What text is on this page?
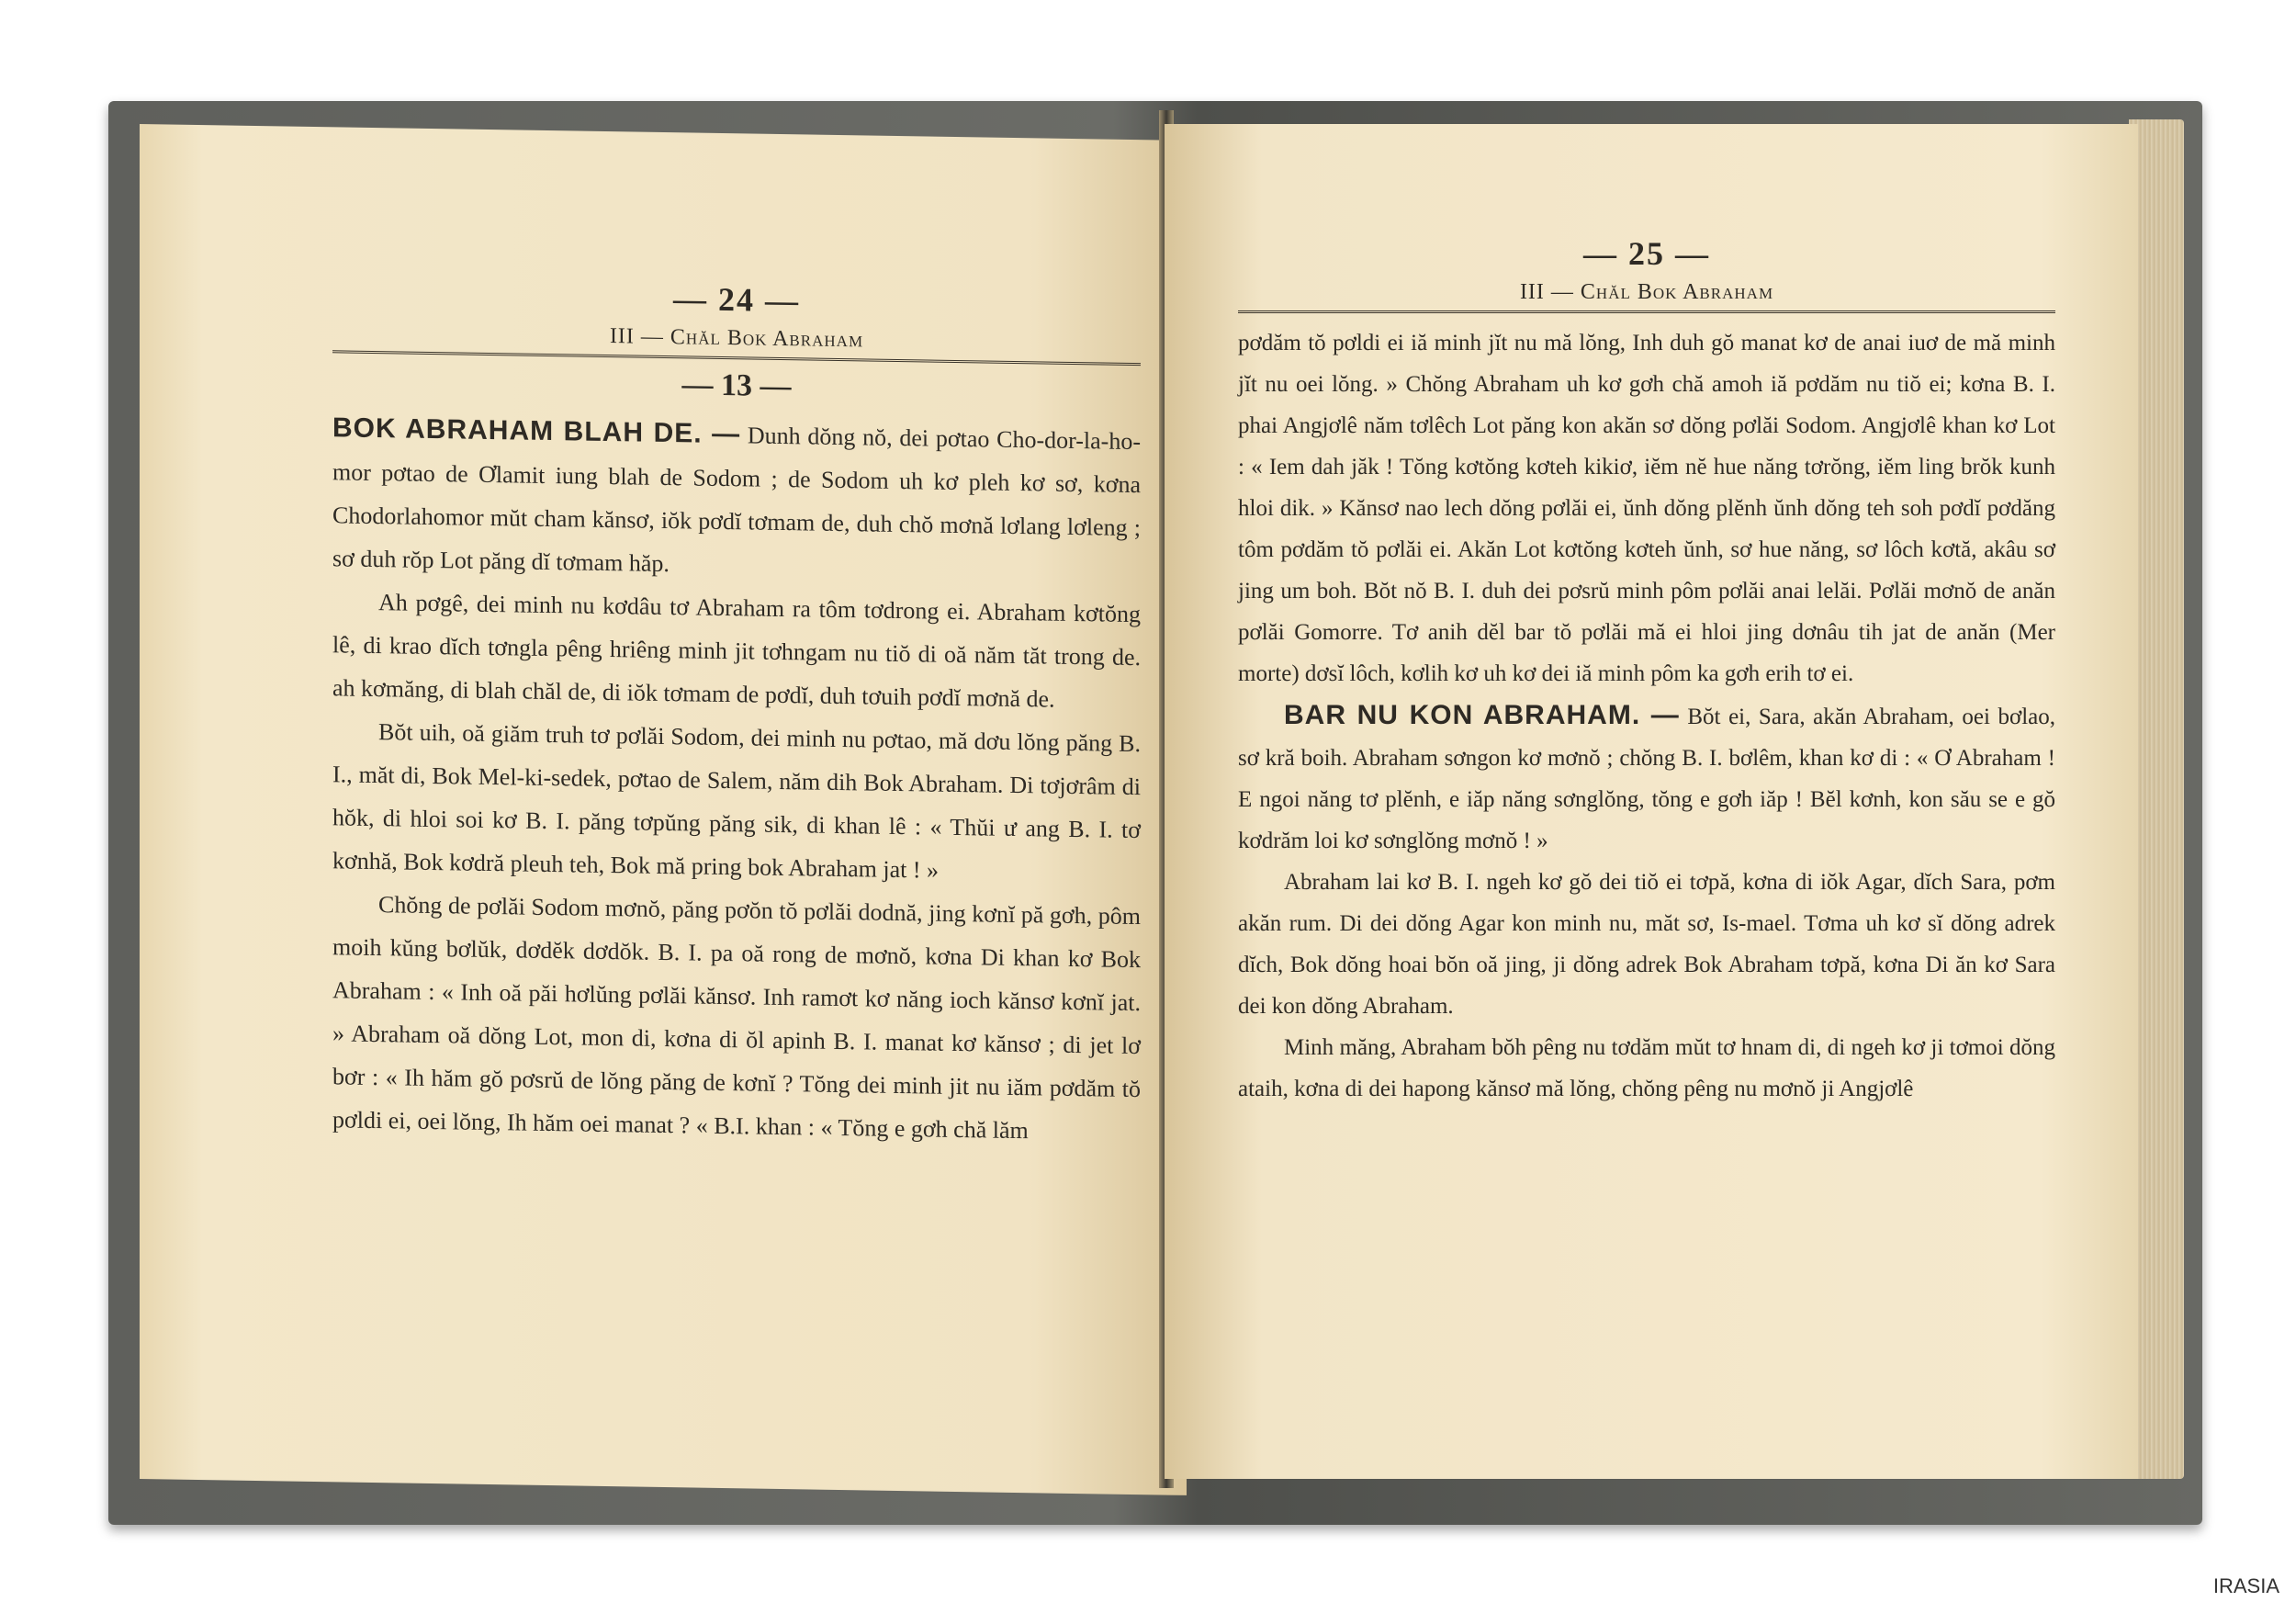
— 24 —
III — Chăl Bok Abraham
— 13 —

BOK ABRAHAM BLAH DE. — Dunh dŏng nŏ, dei pơtao Cho-dor-la-ho-mor pơtao de Ơlamit iung blah de Sodom ; de Sodom uh kơ pleh kơ sơ, kơna Chodorlahomor mŭt cham kănsơ, iŏk pơdĭ tơmam de, duh chŏ mơnă lơlang lơleng ; sơ duh rŏp Lot păng dĭ tơmam hăp.

Ah pơgê, dei minh nu kơdâu tơ Abraham ra tôm tơdrong ei. Abraham kơtŏng lê, di krao dĭch tơngla pêng hriêng minh jit tơhngam nu tiŏ di oă năm tăt trong de. ah kơmăng, di blah chăl de, di iŏk tơmam de pơdĭ, duh tơuih pơdĭ mơnă de.

Bŏt uih, oă giăm truh tơ pơlăi Sodom, dei minh nu pơtao, mă dơu lŏng păng B. I., măt di, Bok Mel-ki-sedek, pơtao de Salem, năm dih Bok Abraham. Di tơjơrâm di hŏk, di hloi soi kơ B. I. păng tơpŭng păng sik, di khan lê : « Thŭi ư ang B. I. tơ kơnhă, Bok kơdră pleuh teh, Bok mă pring bok Abraham jat ! »

Chŏng de pơlăi Sodom mơnŏ, păng pơŏn tŏ pơlăi dodnă, jing kơnĭ pă gơh, pôm moih kŭng bơlŭk, dơdĕk dơdŏk. B. I. pa oă rong de mơnŏ, kơna Di khan kơ Bok Abraham : « Inh oă păi hơlŭng pơlăi kănsơ. Inh ramơt kơ năng ioch kănsơ kơnĭ jat. » Abraham oă dŏng Lot, mon di, kơna di ŏl apinh B. I. manat kơ kănsơ ; di jet lơ bơr : « Ih hăm gŏ pơsrŭ de lŏng păng de kơnĭ ? Tŏng dei minh jit nu iăm pơdăm tŏ pơldi ei, oei lŏng, Ih hăm oei manat ? « B.I. khan : « Tŏng e gơh chă lăm

— 25 —
III — Chăl Bok Abraham

pơdăm tŏ pơldi ei iă minh jĭt nu mă lŏng, Inh duh gŏ manat kơ de anai iuơ de mă minh jĭt nu oei lŏng. » Chŏng Abraham uh kơ gơh chă amoh iă pơdăm nu tiŏ ei; kơna B. I. phai Angjơlê năm tơlêch Lot păng kon akăn sơ dŏng pơlăi Sodom. Angjơlê khan kơ Lot : « Iem dah jăk ! Tŏng kơtŏng kơteh kikiơ, iĕm nĕ hue năng tơrŏng, iĕm ling brŏk kunh hloi dik. » Kănsơ nao lech dŏng pơlăi ei, ŭnh dŏng plĕnh ŭnh dŏng teh soh pơdĭ pơdăng tôm pơdăm tŏ pơlăi ei. Akăn Lot kơtŏng kơteh ŭnh, sơ hue năng, sơ lôch kơtă, akâu sơ jing um boh. Bŏt nŏ B. I. duh dei pơsrŭ minh pôm pơlăi anai lelăi. Pơlăi mơnŏ de anăn pơlăi Gomorre. Tơ anih dĕl bar tŏ pơlăi mă ei hloi jing dơnâu tih jat de anăn (Mer morte) dơsĭ lôch, kơlih kơ uh kơ dei iă minh pôm ka gơh erih tơ ei.

BAR NU KON ABRAHAM. — Bŏt ei, Sara, akăn Abraham, oei bơlao, sơ kră boih. Abraham sơngon kơ mơnŏ ; chŏng B. I. bơlêm, khan kơ di : « Ơ Abraham ! E ngoi năng tơ plĕnh, e iăp năng sơnglŏng, tŏng e gơh iăp ! Bĕl kơnh, kon său se e gŏ kơdrăm loi kơ sơnglŏng mơnŏ ! »

Abraham lai kơ B. I. ngeh kơ gŏ dei tiŏ ei tơpă, kơna di iŏk Agar, dĭch Sara, pơm akăn rum. Di dei dŏng Agar kon minh nu, măt sơ, Is-mael. Tơma uh kơ sĭ dŏng adrek dĭch, Bok dŏng hoai bŏn oă jing, ji dŏng adrek Bok Abraham tơpă, kơna Di ăn kơ Sara dei kon dŏng Abraham.

Minh măng, Abraham bŏh pêng nu tơdăm mŭt tơ hnam di, di ngeh kơ ji tơmoi dŏng ataih, kơna di dei hapong kănsơ mă lŏng, chŏng pêng nu mơnŏ ji Angjơlê

IRASIA
